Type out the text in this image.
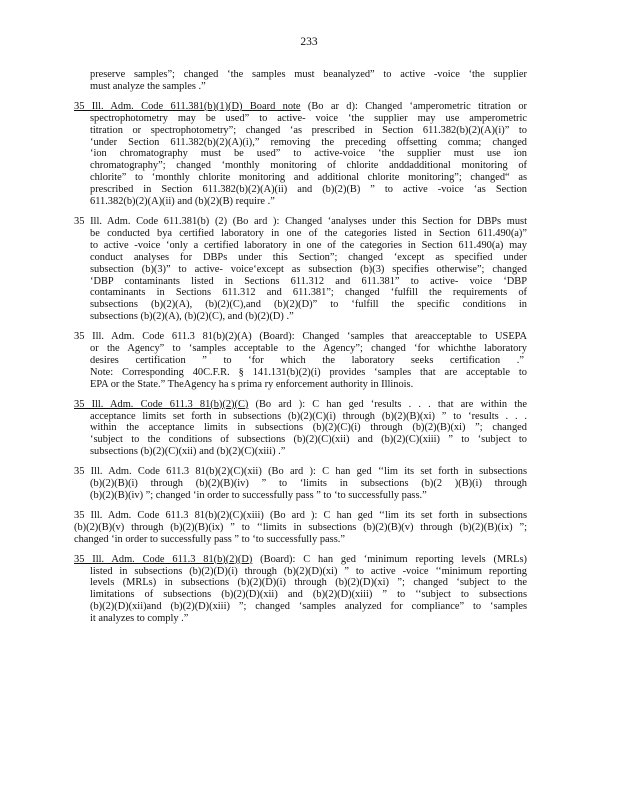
233
preserve samples”; changed ‘the samples must beanalyzed” to active -voice ‘the supplier
must analyze the samples .”
35 Ill. Adm. Code 611.381(b)(1)(D) Board note (Bo ar d): Changed ‘amperometric titration or
spectrophotometry may be used” to active- voice ‘the supplier may use amperometric
titration or spectrophotometry”; changed ‘as prescribed in Section 611.382(b)(2)(A)(i)” to
‘under Section 611.382(b)(2)(A)(i),” removing the preceding offsetting comma; changed
‘ion chromatography must be used” to active-voice ‘the supplier must use ion
chromatography”; changed ‘monthly monitoring of chlorite anddadditional monitoring of
chlorite” to ‘monthly chlorite monitoring and additional chlorite monitoring”; changed“ as
prescribed in Section 611.382(b)(2)(A)(ii) and (b)(2)(B) ” to active -voice ‘as Section
611.382(b)(2)(A)(ii) and (b)(2)(B) require .”
35 Ill. Adm. Code 611.381(b) (2) (Bo ard ): Changed ‘analyses under this Section for DBPs must
be conducted bya certified laboratory in one of the categories listed in Section 611.490(a)”
to active -voice ‘only a certified laboratory in one of the categories in Section 611.490(a) may
conduct analyses for DBPs under this Section”; changed ‘except as specified under
subsection (b)(3)” to active- voice‘except as subsection (b)(3) specifies otherwise”; changed
‘DBP contaminants listed in Sections 611.312 and 611.381” to active- voice ‘DBP
contaminants in Sections 611.312 and 611.381”; changed ‘fulfill the requirements of
subsections (b)(2)(A), (b)(2)(C),and (b)(2)(D)” to ‘fulfill the specific conditions in
subsections (b)(2)(A), (b)(2)(C), and (b)(2)(D) .”
35 Ill. Adm. Code 611.3 81(b)(2)(A) (Board): Changed ‘samples that areacceptable to USEPA
or the Agency” to ‘samples acceptable to the Agency”; changed ‘for whichthe laboratory
desires certification ” to ‘for which the laboratory seeks certification .”
Note: Corresponding 40C.F.R. § 141.131(b)(2)(i) provides ‘samples that are acceptable to
EPA or the State.” TheAgency ha s prima ry enforcement authority in Illinois.
35 Ill. Adm. Code 611.3 81(b)(2)(C) (Bo ard ): C han ged ‘results . . . that are within the
acceptance limits set forth in subsections (b)(2)(C)(i) through (b)(2)(B)(xi) ” to ‘results . . .
within the acceptance limits in subsections (b)(2)(C)(i) through (b)(2)(B)(xi) ”; changed
‘subject to the conditions of subsections (b)(2)(C)(xii) and (b)(2)(C)(xiii) ” to ‘subject to
subsections (b)(2)(C)(xii) and (b)(2)(C)(xiii) .”
35 Ill. Adm. Code 611.3 81(b)(2)(C)(xii) (Bo ard ): C han ged ‘‘lim its set forth in subsections
(b)(2)(B)(i) through (b)(2)(B)(iv) ” to ‘limits in subsections (b)(2 )(B)(i) through
(b)(2)(B)(iv) ”; changed ‘in order to successfully pass ” to ‘to successfully pass.”
35 Ill. Adm. Code 611.3 81(b)(2)(C)(xiii) (Bo ard ): C han ged ‘‘lim its set forth in subsections
(b)(2)(B)(v) through (b)(2)(B)(ix) ” to ‘‘limits in subsections (b)(2)(B)(v) through (b)(2)(B)(ix) ”;
changed ‘in order to successfully pass ” to ‘to successfully pass.”
35 Ill. Adm. Code 611.3 81(b)(2)(D) (Board): C han ged ‘minimum reporting levels (MRLs)
listed in subsections (b)(2)(D)(i) through (b)(2)(D)(xi) ” to active -voice ‘‘minimum reporting
levels (MRLs) in subsections (b)(2)(D)(i) through (b)(2)(D)(xi) ”; changed ‘subject to the
limitations of subsections (b)(2)(D)(xii) and (b)(2)(D)(xiii) ” to ‘‘subject to subsections
(b)(2)(D)(xii)and (b)(2)(D)(xiii) ”; changed ‘samples analyzed for compliance” to ‘samples
it analyzes to comply .”
